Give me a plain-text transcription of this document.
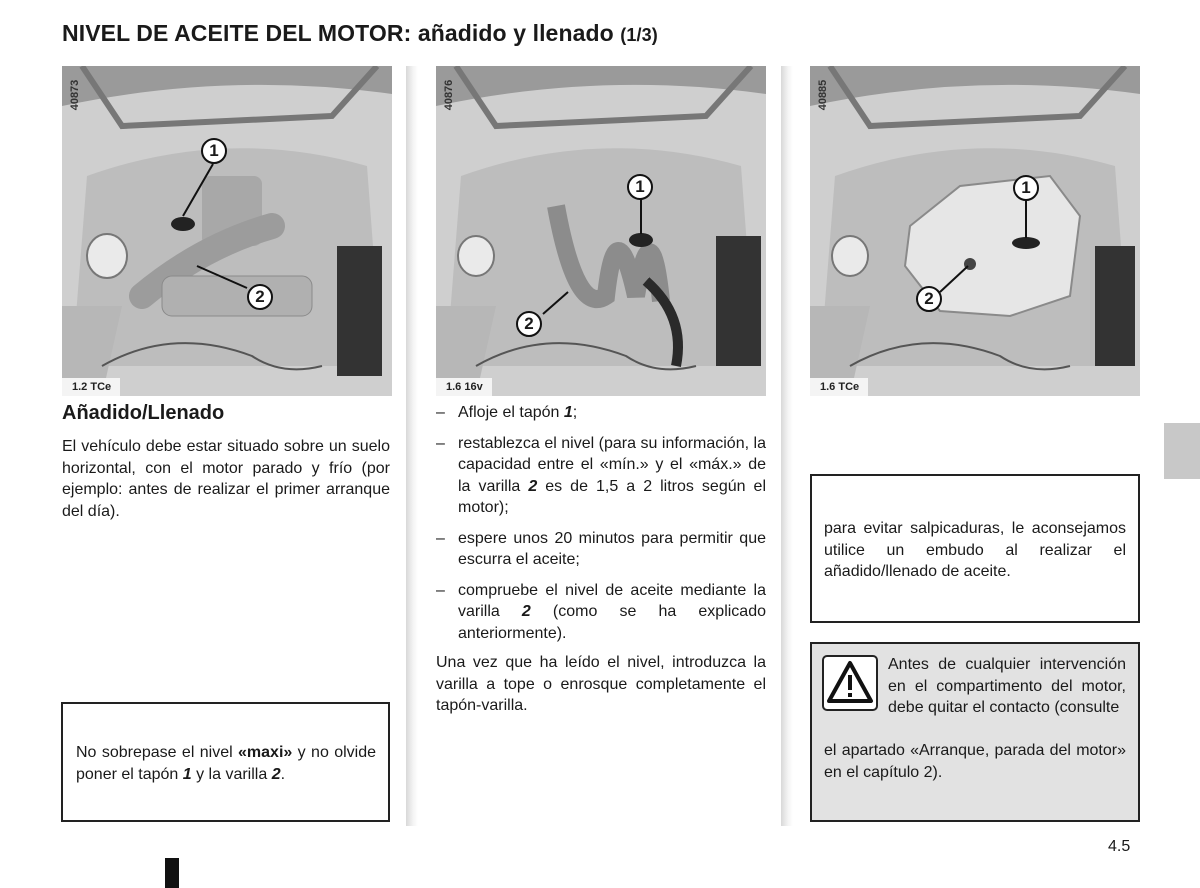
NIVEL DE ACEITE DEL MOTOR: añadido y llenado (1/3)
40873
1
2
1.2 TCe
40876
1
2
1.6 16v
40885
1
2
1.6 TCe
Añadido/Llenado
El vehículo debe estar situado sobre un suelo horizontal, con el motor parado y frío (por ejemplo: antes de realizar el primer arranque del día).
No sobrepase el nivel «maxi» y no olvide poner el tapón 1 y la varilla 2.
– Afloje el tapón 1;
– restablezca el nivel (para su información, la capacidad entre el «mín.» y el «máx.» de la varilla 2 es de 1,5 a 2 litros según el motor);
– espere unos 20 minutos para permitir que escurra el aceite;
– compruebe el nivel de aceite mediante la varilla 2 (como se ha explicado anteriormente).
Una vez que ha leído el nivel, introduzca la varilla a tope o enrosque completamente el tapón-varilla.
para evitar salpicaduras, le aconsejamos utilice un embudo al realizar el añadido/llenado de aceite.
Antes de cualquier intervención en el compartimento del motor, debe quitar el contacto (consulte
el apartado «Arranque, parada del motor» en el capítulo 2).
4.5
